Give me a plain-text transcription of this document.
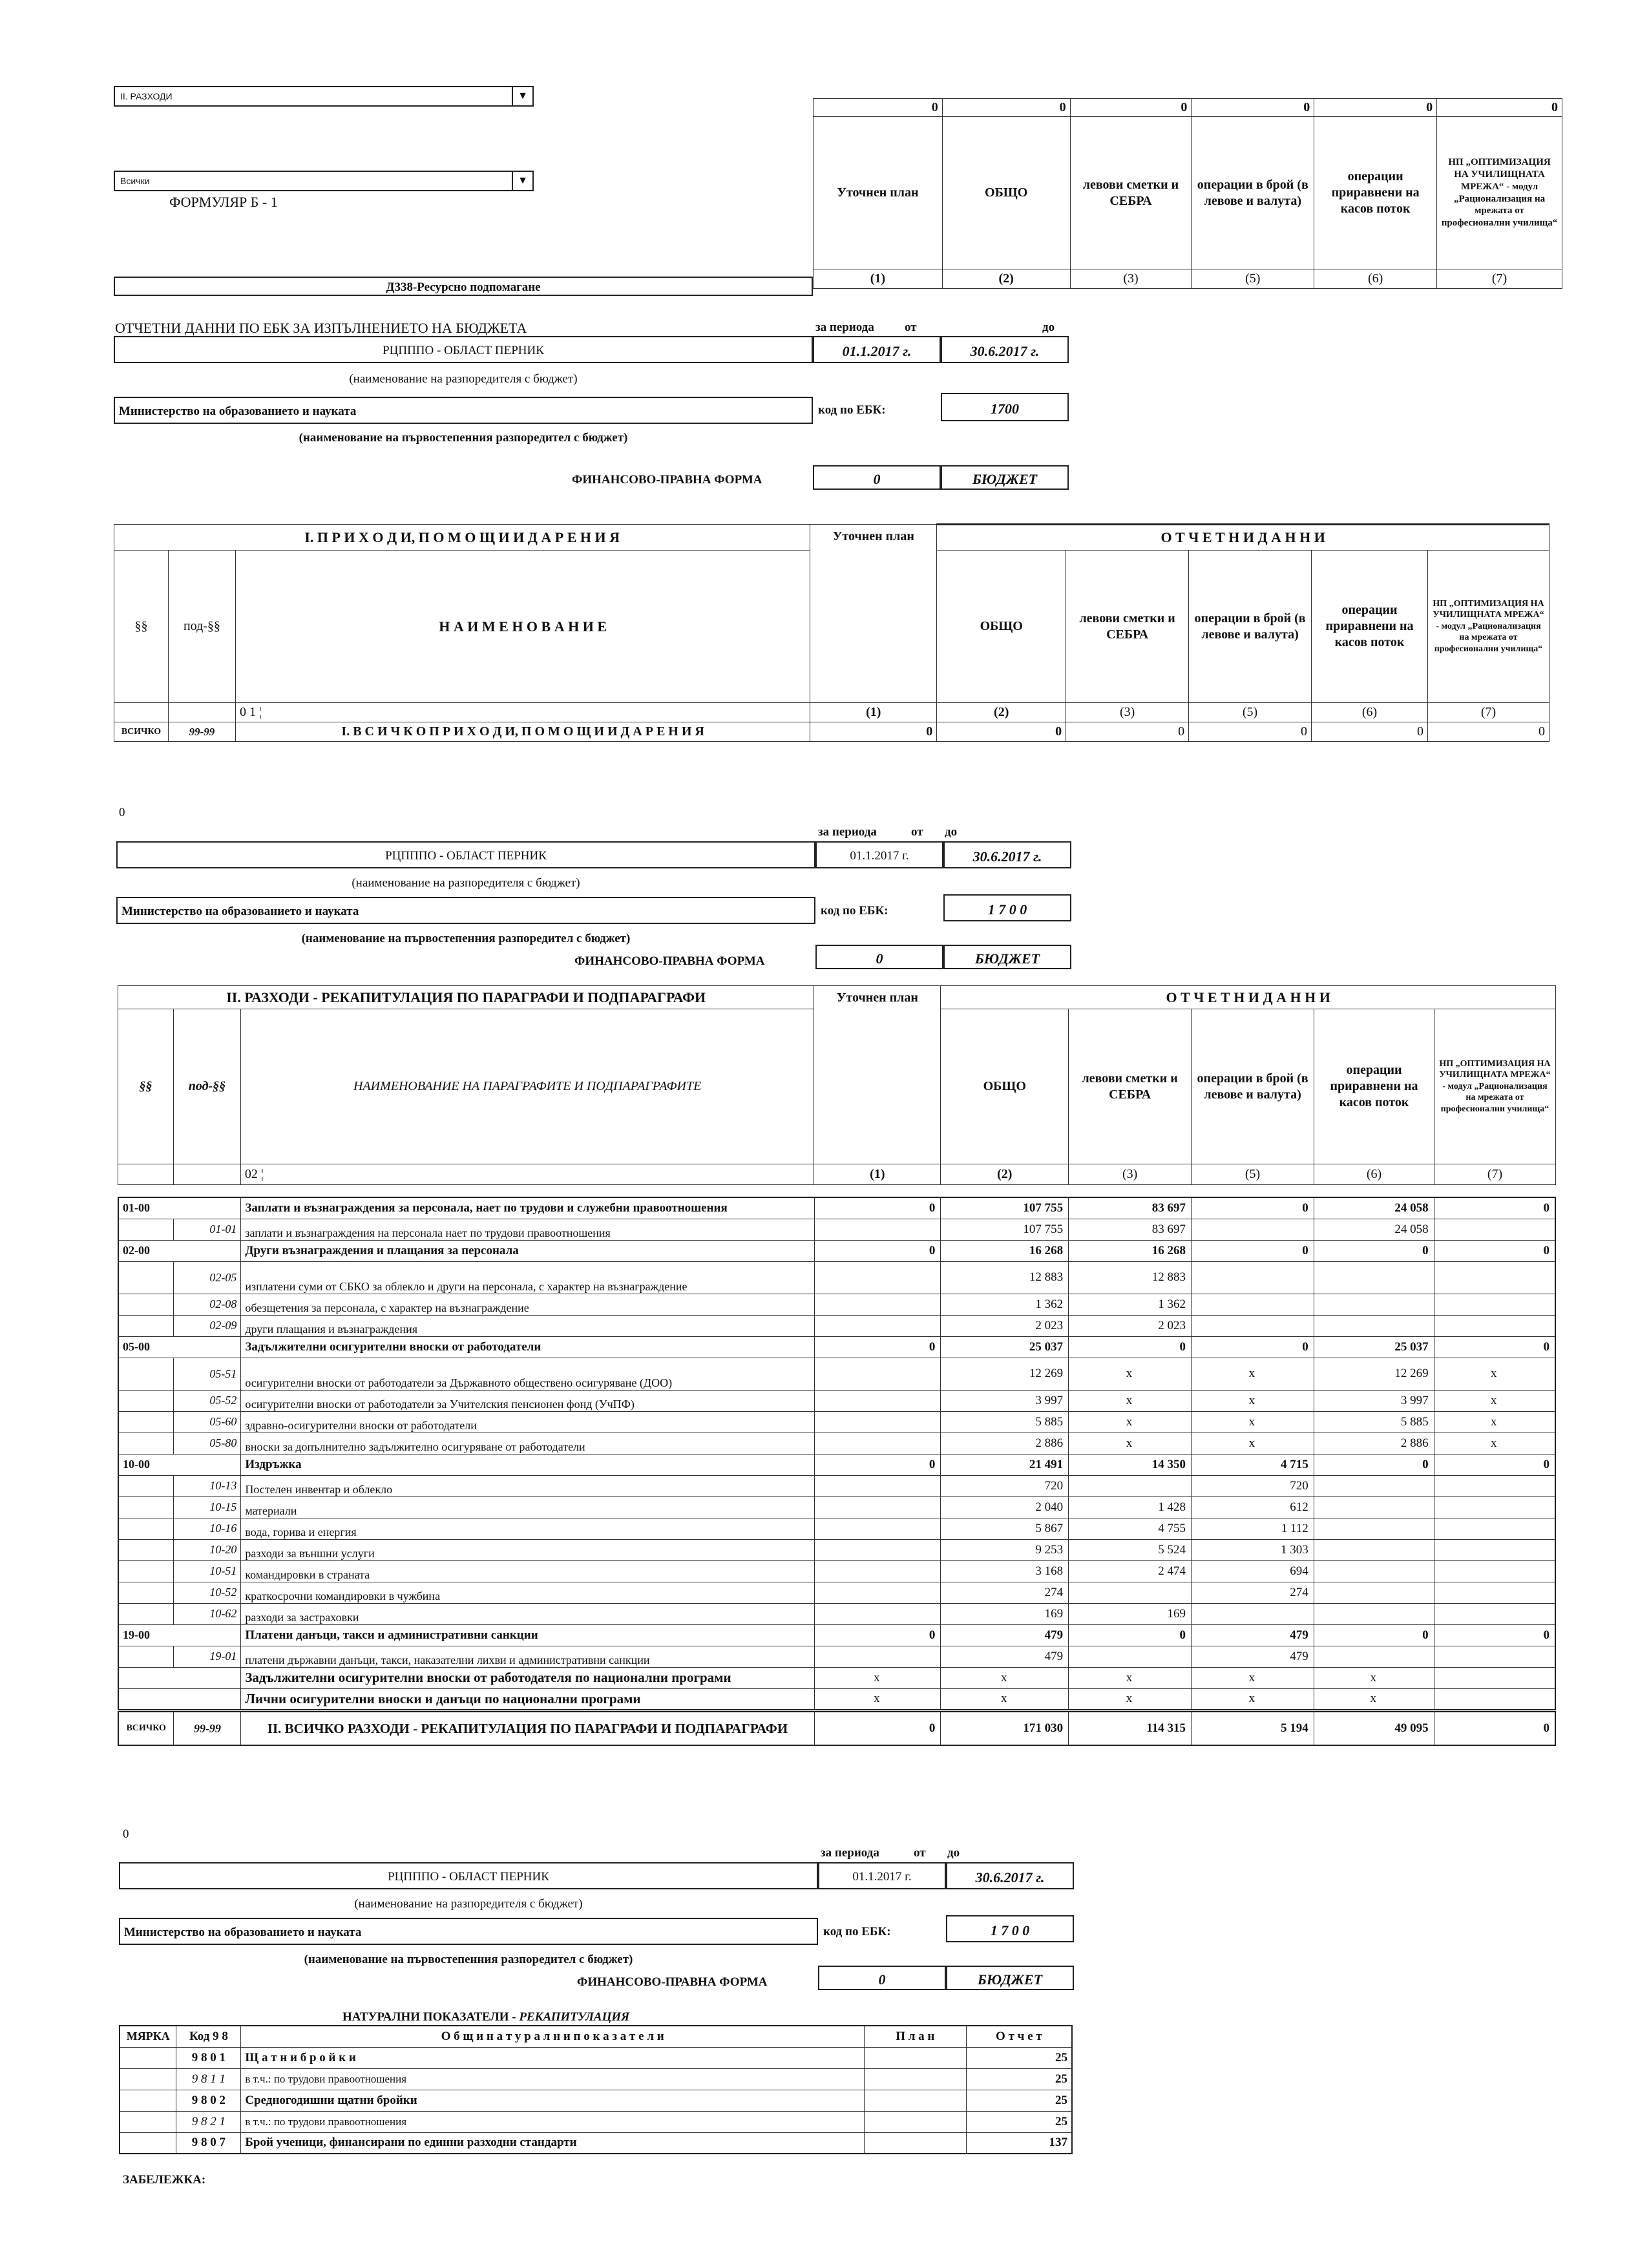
II. РАЗХОДИ	▼
Всички	▼
ФОРМУЛЯР Б - 1
0	0	0	0	0	0
Уточнен план	ОБЩО	левови сметки и СЕБРА	операции в брой (в левове и валута)	операции приравнени на касов поток	НП „ОПТИМИЗАЦИЯ НА УЧИЛИЩНАТА МРЕЖА“ - модул „Рационализация на мрежата от професионални училища“
(1)	(2)	(3)	(5)	(6)	(7)
Д338-Ресурсно подпомагане
ОТЧЕТНИ ДАННИ ПО ЕБК ЗА ИЗПЪЛНЕНИЕТО НА БЮДЖЕТА	за периода от	до
РЦПППО - ОБЛАСТ ПЕРНИК	01.1.2017 г.	30.6.2017 г.
(наименование на разпоредителя с бюджет)
Министерство на образованието и науката	код по ЕБК:	1700
(наименование на първостепенния разпоредител с бюджет)
ФИНАНСОВО-ПРАВНА ФОРМА	0	БЮДЖЕТ
I. П Р И Х О Д И, П О М О Щ И И Д А Р Е Н И Я			Уточнен план	О Т Ч Е Т Н И Д А Н Н И				
§§	под-§§	Н А И М Е Н О В А Н И Е		ОБЩО	левови сметки и СЕБРА	операции в брой (в левове и валута)	операции приравнени на касов поток	НП „ОПТИМИЗАЦИЯ НА УЧИЛИЩНАТА МРЕЖА“ - модул „Рационализация на мрежата от професионални училища“
		0 1 ¦	(1)	(2)	(3)	(5)	(6)	(7)
ВСИЧКО	99-99	I. В С И Ч К О П Р И Х О Д И, П О М О Щ И И Д А Р Е Н И Я	0	0	0	0	0	0
0
за периода	от до
РЦПППО - ОБЛАСТ ПЕРНИК	01.1.2017 г.	30.6.2017 г.
(наименование на разпоредителя с бюджет)
Министерство на образованието и науката	код по ЕБК:	1 7 0 0
(наименование на първостепенния разпоредител с бюджет)
ФИНАНСОВО-ПРАВНА ФОРМА	0	БЮДЖЕТ
II. РАЗХОДИ - РЕКАПИТУЛАЦИЯ ПО ПАРАГРАФИ И ПОДПАРАГРАФИ			Уточнен план	О Т Ч Е Т Н И Д А Н Н И				
§§	под-§§	НАИМЕНОВАНИЕ НА ПАРАГРАФИТЕ И ПОДПАРАГРАФИТЕ		ОБЩО	левови сметки и СЕБРА	операции в брой (в левове и валута)	операции приравнени на касов поток	НП „ОПТИМИЗАЦИЯ НА УЧИЛИЩНАТА МРЕЖА“ - модул „Рационализация на мрежата от професионални училища“
		02 ¦	(1)	(2)	(3)	(5)	(6)	(7)
01-00		Заплати и възнаграждения за персонала, нает по трудови и служебни правоотношения	0	107 755	83 697	0	24 058	0
	01-01	заплати и възнаграждения на персонала нает по трудови правоотношения		107 755	83 697		24 058	
02-00		Други възнаграждения и плащания за персонала	0	16 268	16 268	0	0	0
	02-05	изплатени суми от СБКО за облекло и други на персонала, с характер на възнаграждение		12 883	12 883			
	02-08	обезщетения за персонала, с характер на възнаграждение		1 362	1 362			
	02-09	други плащания и възнаграждения		2 023	2 023			
05-00		Задължителни осигурителни вноски от работодатели	0	25 037	0	0	25 037	0
	05-51	осигурителни вноски от работодатели за Държавното обществено осигуряване (ДОО)		12 269	x	x	12 269	x
	05-52	осигурителни вноски от работодатели за Учителския пенсионен фонд (УчПФ)		3 997	x	x	3 997	x
	05-60	здравно-осигурителни вноски от работодатели		5 885	x	x	5 885	x
	05-80	вноски за допълнително задължително осигуряване от работодатели		2 886	x	x	2 886	x
10-00		Издръжка	0	21 491	14 350	4 715	0	0
	10-13	Постелен инвентар и облекло		720		720		
	10-15	материали		2 040	1 428	612		
	10-16	вода, горива и енергия		5 867	4 755	1 112		
	10-20	разходи за външни услуги		9 253	5 524	1 303		
	10-51	командировки в страната		3 168	2 474	694		
	10-52	краткосрочни командировки в чужбина		274		274		
	10-62	разходи за застраховки		169	169			
19-00		Платени данъци, такси и административни санкции	0	479	0	479	0	0
	19-01	платени държавни данъци, такси, наказателни лихви и административни санкции		479		479		
		Задължителни осигурителни вноски от работодателя по национални програми	x	x	x	x	x	
		Лични осигурителни вноски и данъци по национални програми	x	x	x	x	x	
ВСИЧКО	99-99	II. ВСИЧКО РАЗХОДИ - РЕКАПИТУЛАЦИЯ ПО ПАРАГРАФИ И ПОДПАРАГРАФИ	0	171 030	114 315	5 194	49 095	0
0
за периода	от до
РЦПППО - ОБЛАСТ ПЕРНИК	01.1.2017 г.	30.6.2017 г.
(наименование на разпоредителя с бюджет)
Министерство на образованието и науката	код по ЕБК:	1 7 0 0
(наименование на първостепенния разпоредител с бюджет)
ФИНАНСОВО-ПРАВНА ФОРМА	0	БЮДЖЕТ
НАТУРАЛНИ ПОКАЗАТЕЛИ - РЕКАПИТУЛАЦИЯ
МЯРКА	Код 9 8	О б щ и н а т у р а л н и п о к а з а т е л и	П л а н	О т ч е т
	9 8 0 1	Щ а т н и б р о й к и		25
	9 8 1 1	в т.ч.: по трудови правоотношения		25
	9 8 0 2	Средногодишни щатни бройки		25
	9 8 2 1	в т.ч.: по трудови правоотношения		25
	9 8 0 7	Брой ученици, финансирани по единни разходни стандарти		137
ЗАБЕЛЕЖКА:
